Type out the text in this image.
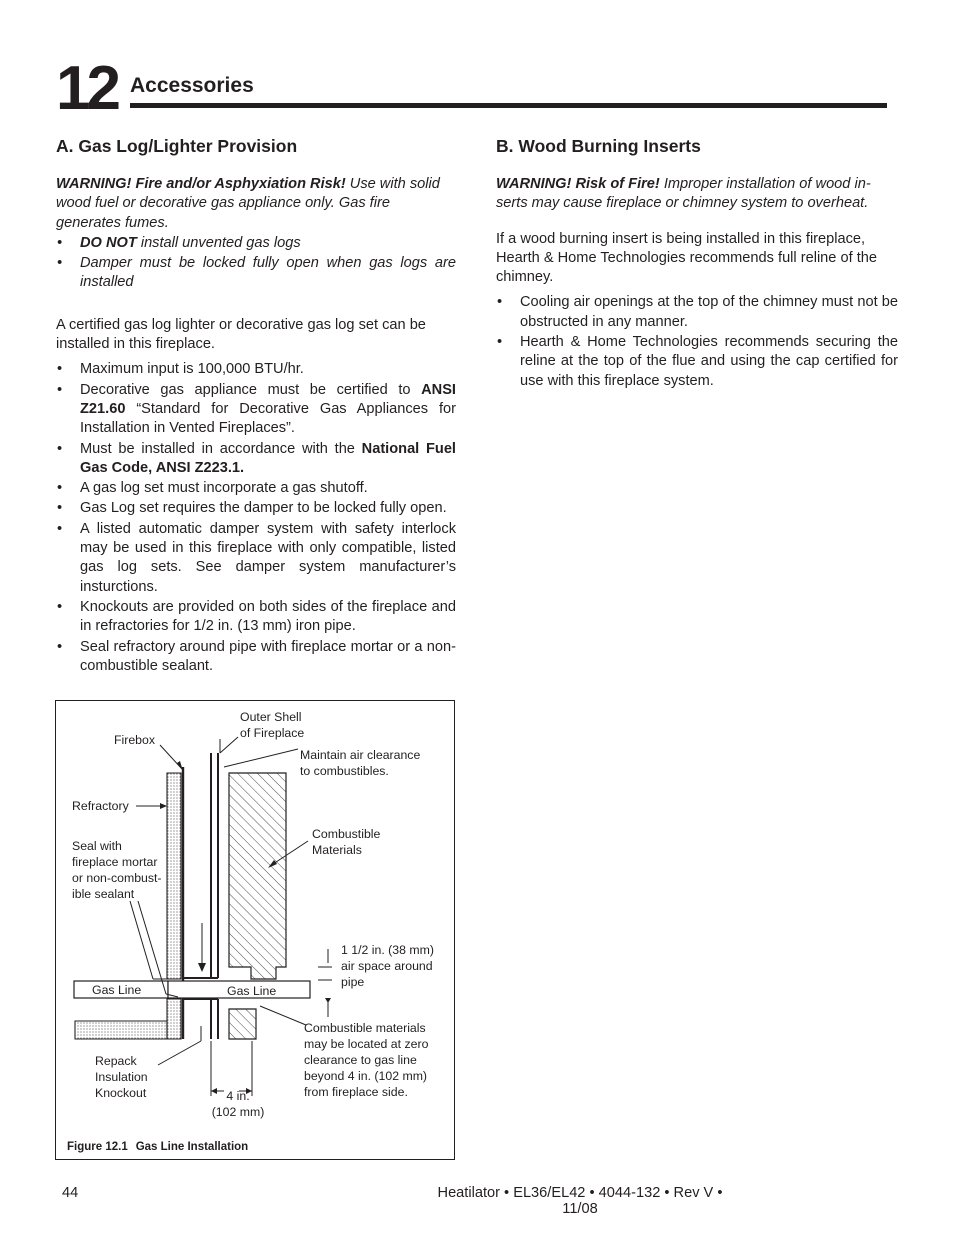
12 Accessories
A. Gas Log/Lighter Provision

WARNING! Fire and/or Asphyxiation Risk! Use with solid wood fuel or decorative gas appliance only. Gas fire generates fumes.

• DO NOT install unvented gas logs
• Damper must be locked fully open when gas logs are installed

A certified gas log lighter or decorative gas log set can be installed in this fireplace.

• Maximum input is 100,000 BTU/hr.
• Decorative gas appliance must be certified to ANSI Z21.60 “Standard for Decorative Gas Appliances for Installation in Vented Fireplaces”.
• Must be installed in accordance with the National Fuel Gas Code, ANSI Z223.1.
• A gas log set must incorporate a gas shutoff.
• Gas Log set requires the damper to be locked fully open.
• A listed automatic damper system with safety interlock may be used in this fireplace with only compatible, listed gas log sets. See damper system manufacturer’s insturctions.
• Knockouts are provided on both sides of the fireplace and in refractories for 1/2 in. (13 mm) iron pipe.
• Seal refractory around pipe with fireplace mortar or a non-combustible sealant.
B. Wood Burning Inserts

WARNING! Risk of Fire! Improper installation of wood in-serts may cause fireplace or chimney system to overheat.

If a wood burning insert is being installed in this fireplace, Hearth & Home Technologies recommends full reline of the chimney.

• Cooling air openings at the top of the chimney must not be obstructed in any manner.
• Hearth & Home Technologies recommends securing the reline at the top of the flue and using the cap certified for use with this fireplace system.
Outer Shell
of Fireplace
Firebox
Maintain air clearance
to combustibles.
Refractory
Combustible
Materials
Seal with
fireplace mortar
or non-combust-
ible sealant
1 1/2 in. (38 mm)
air space around
pipe
Gas Line	Gas Line
Combustible materials
may be located at zero
clearance to gas line
beyond 4 in. (102 mm)
from fireplace side.
Repack
Insulation
Knockout	4 in.
(102 mm)
Figure 12.1 Gas Line Installation
44	Heatilator • EL36/EL42 • 4044-132 • Rev V • 11/08
